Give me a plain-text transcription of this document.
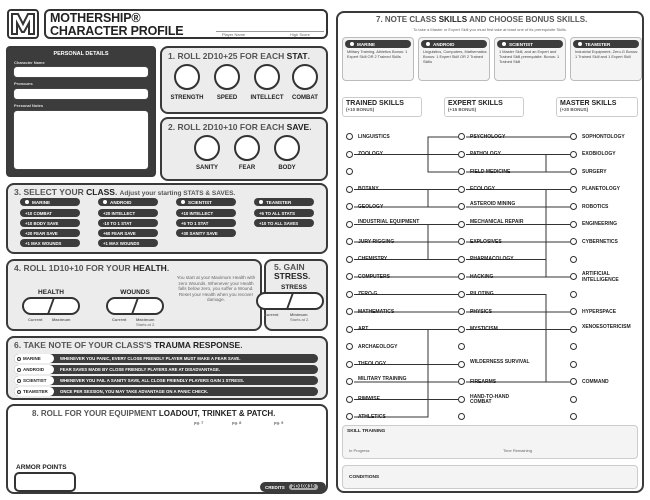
MOTHERSHIP®
CHARACTER PROFILE	Player Name	High Score
PERSONAL DETAILS
Character Name
Pronouns
Personal Notes
1. ROLL 2D10+25 FOR EACH STAT.
STRENGTH	SPEED	INTELLECT	COMBAT
2. ROLL 2D10+10 FOR EACH SAVE.
SANITY	FEAR	BODY
3. SELECT YOUR CLASS. Adjust your starting STATS & SAVES.
MARINE
+10 COMBAT
+10 BODY SAVE
+20 FEAR SAVE
+1 MAX WOUNDS
ANDROID
+20 INTELLECT
-10 TO 1 STAT
+60 FEAR SAVE
+1 MAX WOUNDS
SCIENTIST
+10 INTELLECT
+5 TO 1 STAT
+30 SANITY SAVE
TEAMSTER
+5 TO ALL STATS
+10 TO ALL SAVES
4. ROLL 1D10+10 FOR YOUR HEALTH.
HEALTH
Current Maximum
WOUNDS
Current Maximum
Starts at 2.
You start at your Maximum Health with zero Wounds. Whenever your Health falls below zero, you suffer a Wound. Reset your Health when you recover damage.
5. GAIN
STRESS.
STRESS
Current	Minimum
Starts at 2.
6. TAKE NOTE OF YOUR CLASS'S TRAUMA RESPONSE.
MARINE	WHENEVER YOU PANIC, EVERY CLOSE FRIENDLY PLAYER MUST MAKE A FEAR SAVE.
ANDROID	FEAR SAVES MADE BY CLOSE FRIENDLY PLAYERS ARE AT DISADVANTAGE.
SCIENTIST	WHENEVER YOU FAIL A SANITY SAVE, ALL CLOSE FRIENDLY PLAYERS GAIN 1 STRESS.
TEAMSTER	ONCE PER SESSION, YOU MAY TAKE ADVANTAGE ON A PANIC CHECK.
8. ROLL FOR YOUR EQUIPMENT LOADOUT, TRINKET & PATCH.
pg. 7	pg. 8	pg. 9
ARMOR POINTS
CREDITS	2D10X10
7. NOTE CLASS SKILLS AND CHOOSE BONUS SKILLS.
To take a Master or Expert Skill you must first take at least one of its prerequisite Skills.
MARINE
Military Training, Athletics Bonus: 1 Expert Skill OR 2 Trained Skills
ANDROID
Linguistics, Computers, Mathematics Bonus: 1 Expert Skill OR 2 Trained Skills
SCIENTIST
1 Master Skill, and an Expert and Trained Skill prerequisite. Bonus: 1 Trained Skill
TEAMSTER
Industrial Equipment, Zero-G Bonus: 1 Trained Skill and 1 Expert Skill
TRAINED SKILLS
(+10 BONUS)
EXPERT SKILLS
(+15 BONUS)
MASTER SKILLS
(+20 BONUS)
LINGUISTICS
ZOOLOGY
BOTANY
GEOLOGY
INDUSTRIAL EQUIPMENT
JURY-RIGGING
CHEMISTRY
COMPUTERS
ZERO-G
MATHEMATICS
ART
ARCHAEOLOGY
THEOLOGY
MILITARY TRAINING
RIMWISE
ATHLETICS
PSYCHOLOGY
PATHOLOGY
FIELD MEDICINE
ECOLOGY
ASTEROID MINING
MECHANICAL REPAIR
EXPLOSIVES
PHARMACOLOGY
HACKING
PILOTING
PHYSICS
MYSTICISM
WILDERNESS SURVIVAL
FIREARMS
HAND-TO-HAND COMBAT
SOPHONTOLOGY
EXOBIOLOGY
SURGERY
PLANETOLOGY
ROBOTICS
ENGINEERING
CYBERNETICS
ARTIFICIAL INTELLIGENCE
HYPERSPACE
XENOESOTERICISM
COMMAND
SKILL TRAINING
In Progress	Time Remaining
CONDITIONS
